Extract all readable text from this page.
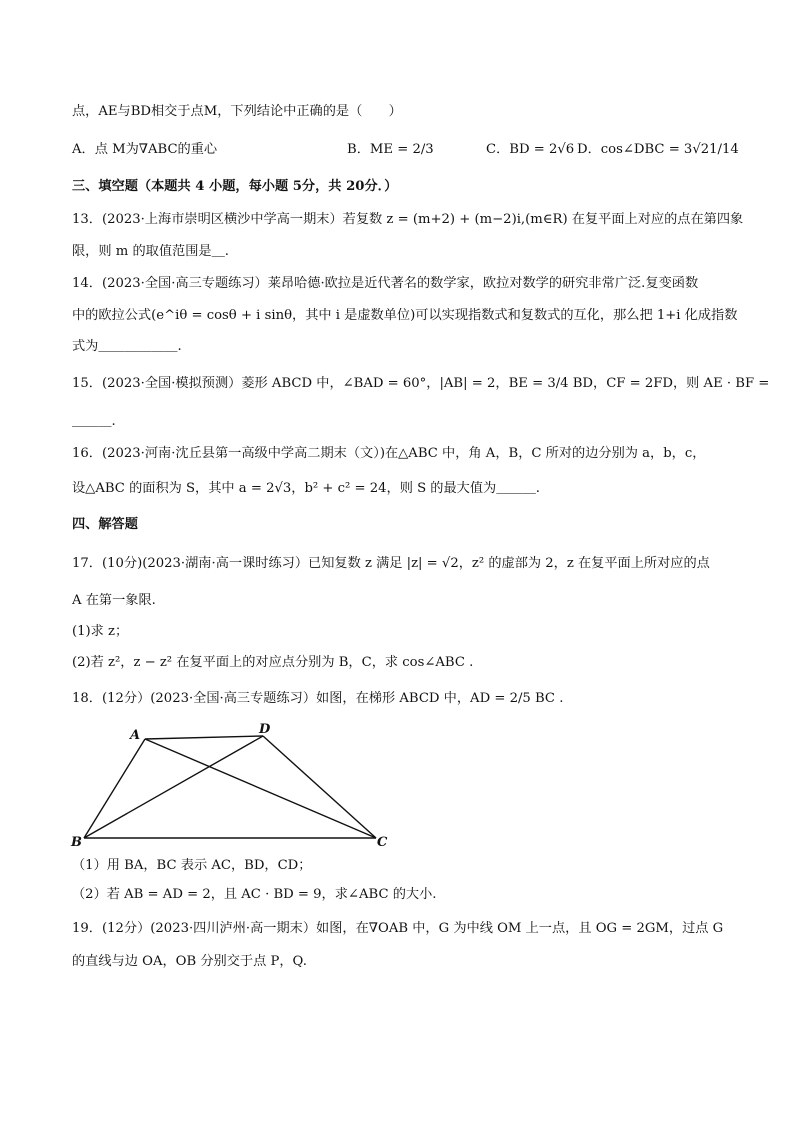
点，AE与BD相交于点M，下列结论中正确的是（　　）
A．点 M为∇ABC的重心	B．ME = 2/3	C．BD = 2√6 D．cos∠DBC = 3√21/14
三、填空题（本题共 4 小题，每小题 5分，共 20分．）
13．(2023·上海市崇明区横沙中学高一期末）若复数 z = (m+2) + (m−2)i,(m∈R) 在复平面上对应的点在第四象
限，则 m 的取值范围是＿.
14．(2023·全国·高三专题练习）莱昂哈德·欧拉是近代著名的数学家，欧拉对数学的研究非常广泛.复变函数
中的欧拉公式(e^iθ = cosθ + i sinθ，其中 i 是虚数单位)可以实现指数式和复数式的互化，那么把 1+i 化成指数
式为＿＿＿＿＿＿.
15．(2023·全国·模拟预测）菱形 ABCD 中，∠BAD = 60°，|AB| = 2，BE = 3/4 BD，CF = 2FD，则 AE · BF =
＿＿＿.
16．(2023·河南·沈丘县第一高级中学高二期末（文）)在△ABC 中，角 A，B，C 所对的边分别为 a，b，c，
设△ABC 的面积为 S，其中 a = 2√3，b² + c² = 24，则 S 的最大值为＿＿＿.
四、解答题
17．(10分)(2023·湖南·高一课时练习）已知复数 z 满足 |z| = √2，z² 的虚部为 2，z 在复平面上所对应的点
A 在第一象限.
(1)求 z；
(2)若 z²，z − z² 在复平面上的对应点分别为 B，C，求 cos∠ABC .
18．(12分）(2023·全国·高三专题练习）如图，在梯形 ABCD 中，AD = 2/5 BC .
A	D
B	C
（1）用 BA，BC 表示 AC，BD，CD；
（2）若 AB = AD = 2，且 AC · BD = 9，求∠ABC 的大小.
19．(12分）(2023·四川泸州·高一期末）如图，在∇OAB 中，G 为中线 OM 上一点，且 OG = 2GM，过点 G
的直线与边 OA，OB 分别交于点 P，Q.
